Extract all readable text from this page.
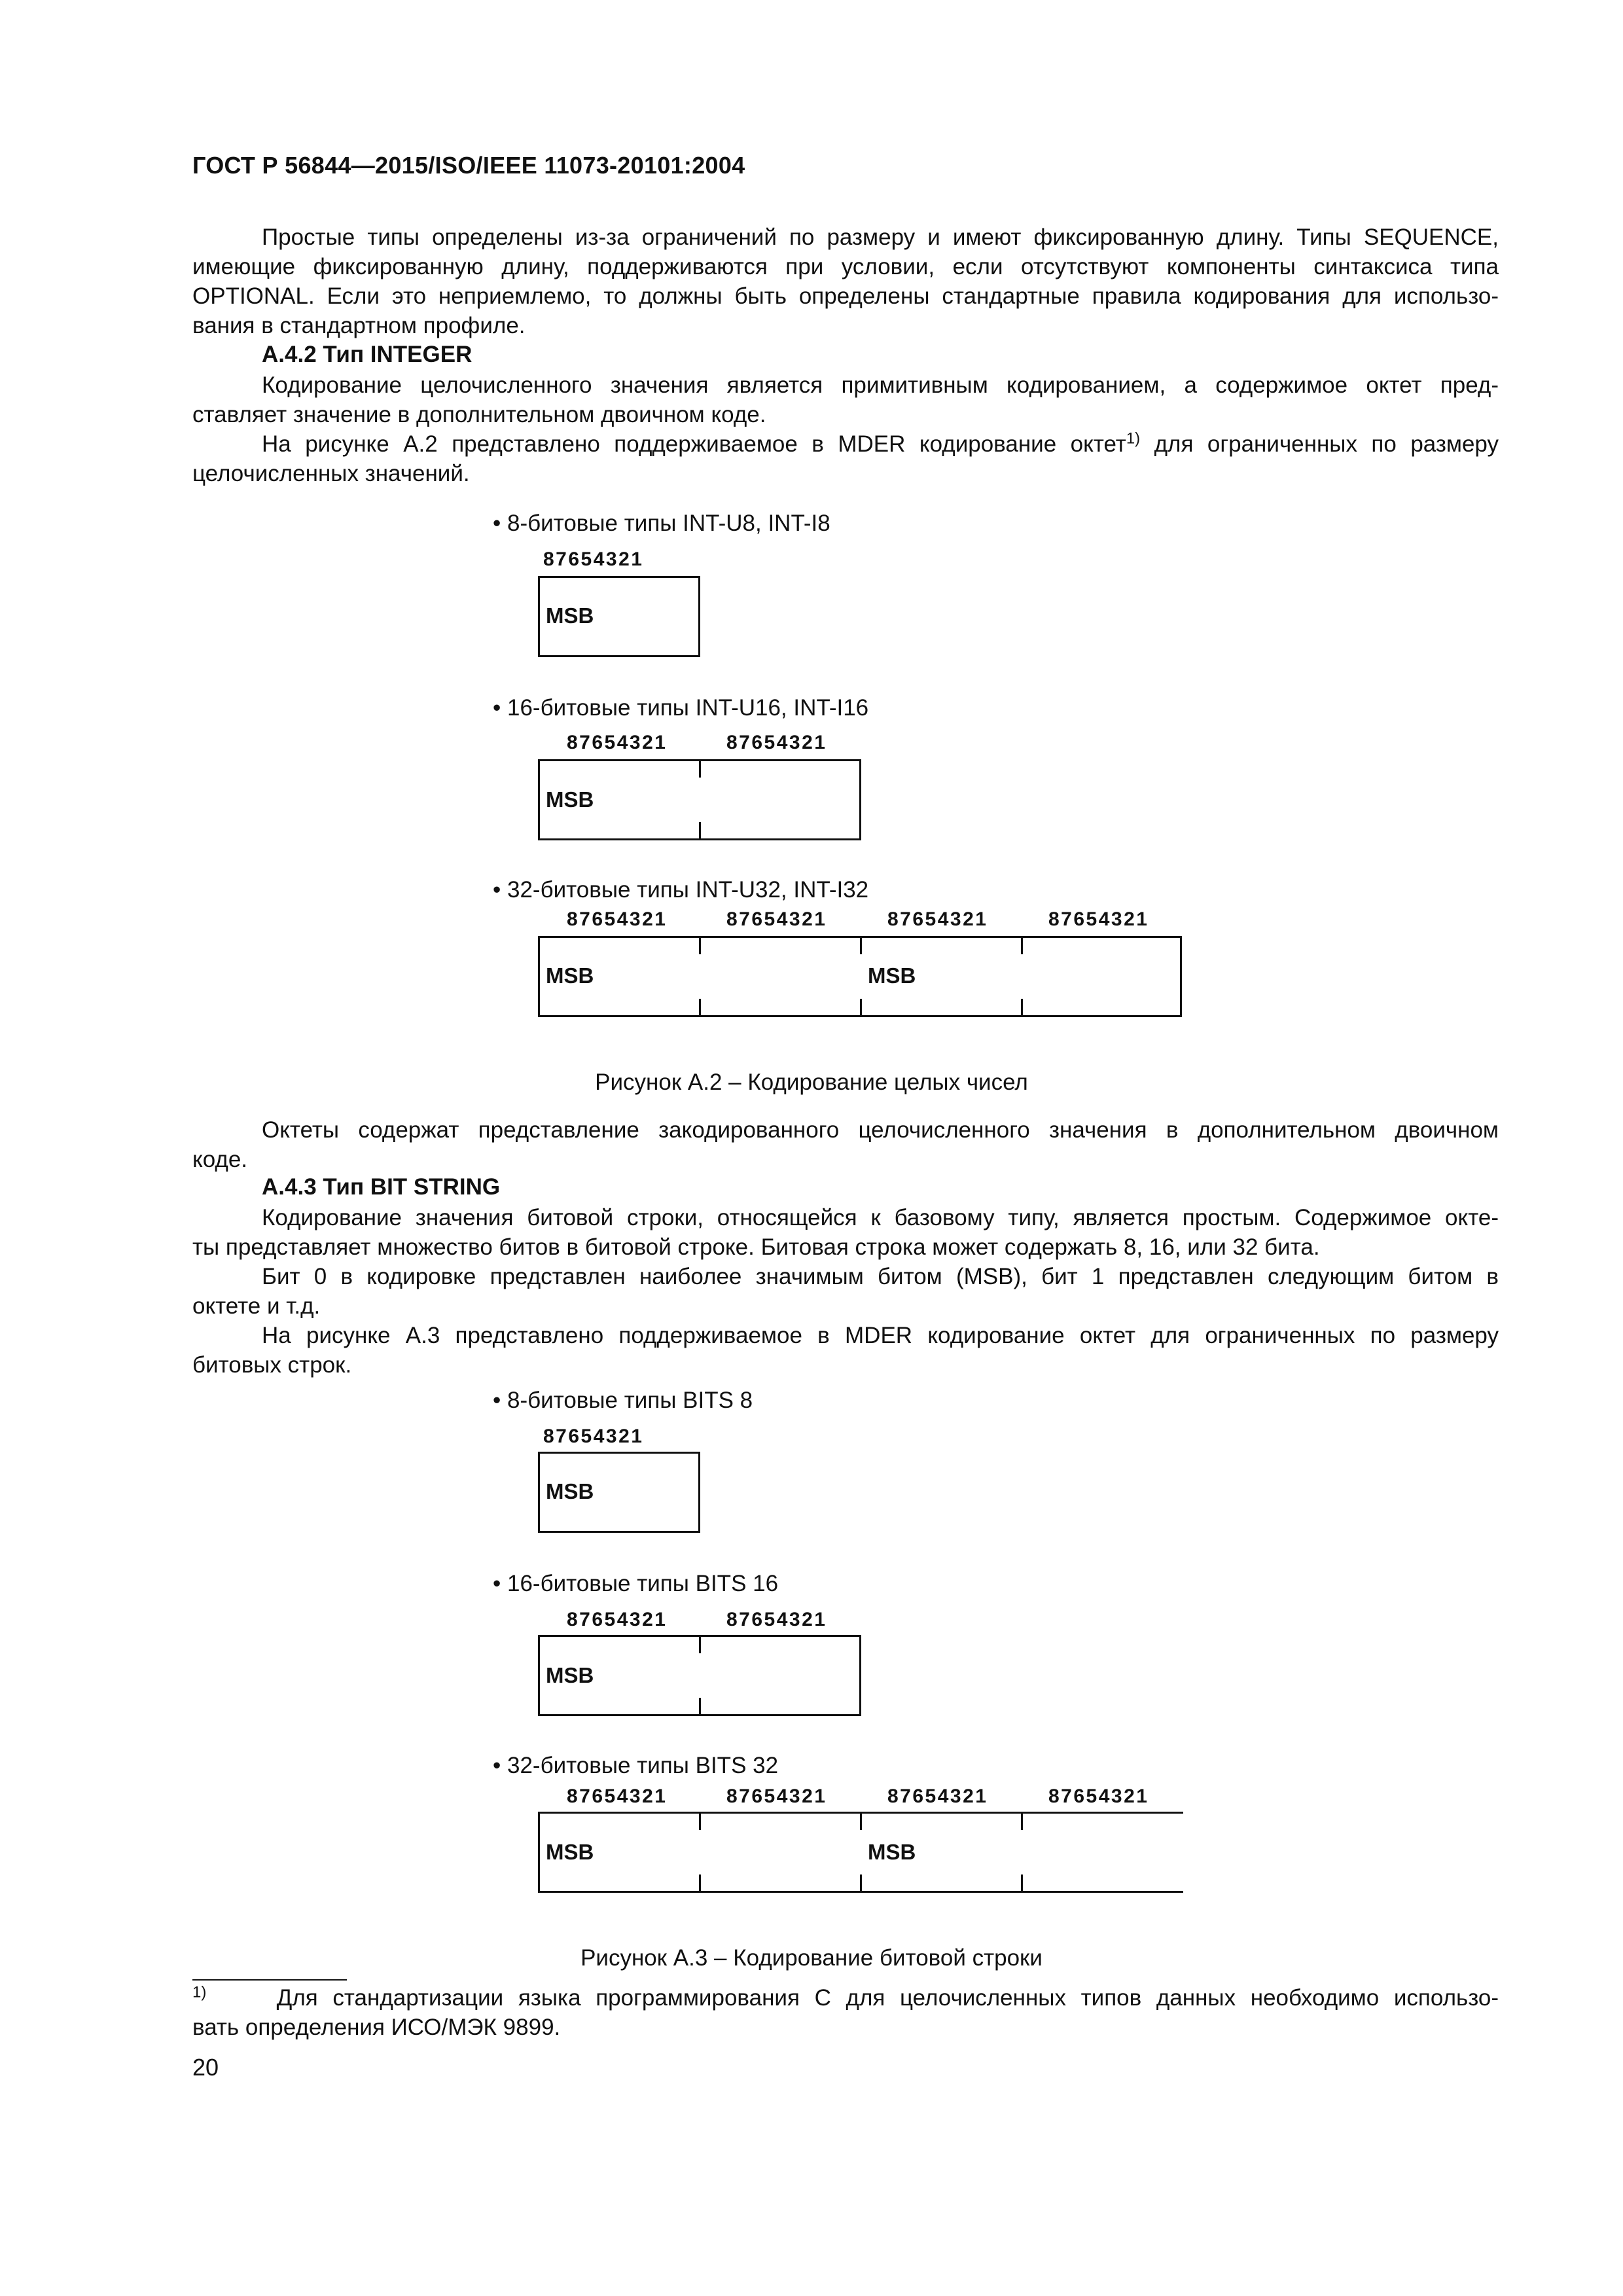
ГОСТ Р 56844—2015/ISO/IEEE 11073-20101:2004
Простые типы определены из-за ограничений по размеру и имеют фиксированную длину. Типы SEQUENCE,
имеющие фиксированную длину, поддерживаются при условии, если отсутствуют компоненты синтаксиса типа
OPTIONAL. Если это неприемлемо, то должны быть определены стандартные правила кодирования для использо-
вания в стандартном профиле.
А.4.2 Тип INTEGER
Кодирование целочисленного значения является примитивным кодированием, а содержимое октет пред-
ставляет значение в дополнительном двоичном коде.
На рисунке А.2 представлено поддерживаемое в MDER кодирование октет$^{1)}$ для ограниченных по размеру
целочисленных значений.
• 8-битовые типы INT-U8, INT-I8
87654321
MSB
• 16-битовые типы INT-U16, INT-I16
87654321	87654321
MSB
• 32-битовые типы INT-U32, INT-I32
87654321	87654321	87654321	87654321
MSB	MSB
Рисунок А.2 – Кодирование целых чисел
Октеты содержат представление закодированного целочисленного значения в дополнительном двоичном
коде.
А.4.3 Тип BIT STRING
Кодирование значения битовой строки, относящейся к базовому типу, является простым. Содержимое окте-
ты представляет множество битов в битовой строке. Битовая строка может содержать 8, 16, или 32 бита.
Бит 0 в кодировке представлен наиболее значимым битом (MSB), бит 1 представлен следующим битом в
октете и т.д.
На рисунке А.3 представлено поддерживаемое в MDER кодирование октет для ограниченных по размеру
битовых строк.
• 8-битовые типы BITS 8
87654321
MSB
• 16-битовые типы BITS 16
87654321	87654321
MSB
• 32-битовые типы BITS 32
87654321	87654321	87654321	87654321
MSB	MSB
Рисунок А.3 – Кодирование битовой строки
$^{1)}$ Для стандартизации языка программирования С для целочисленных типов данных необходимо использо-
вать определения ИСО/МЭК 9899.
20
